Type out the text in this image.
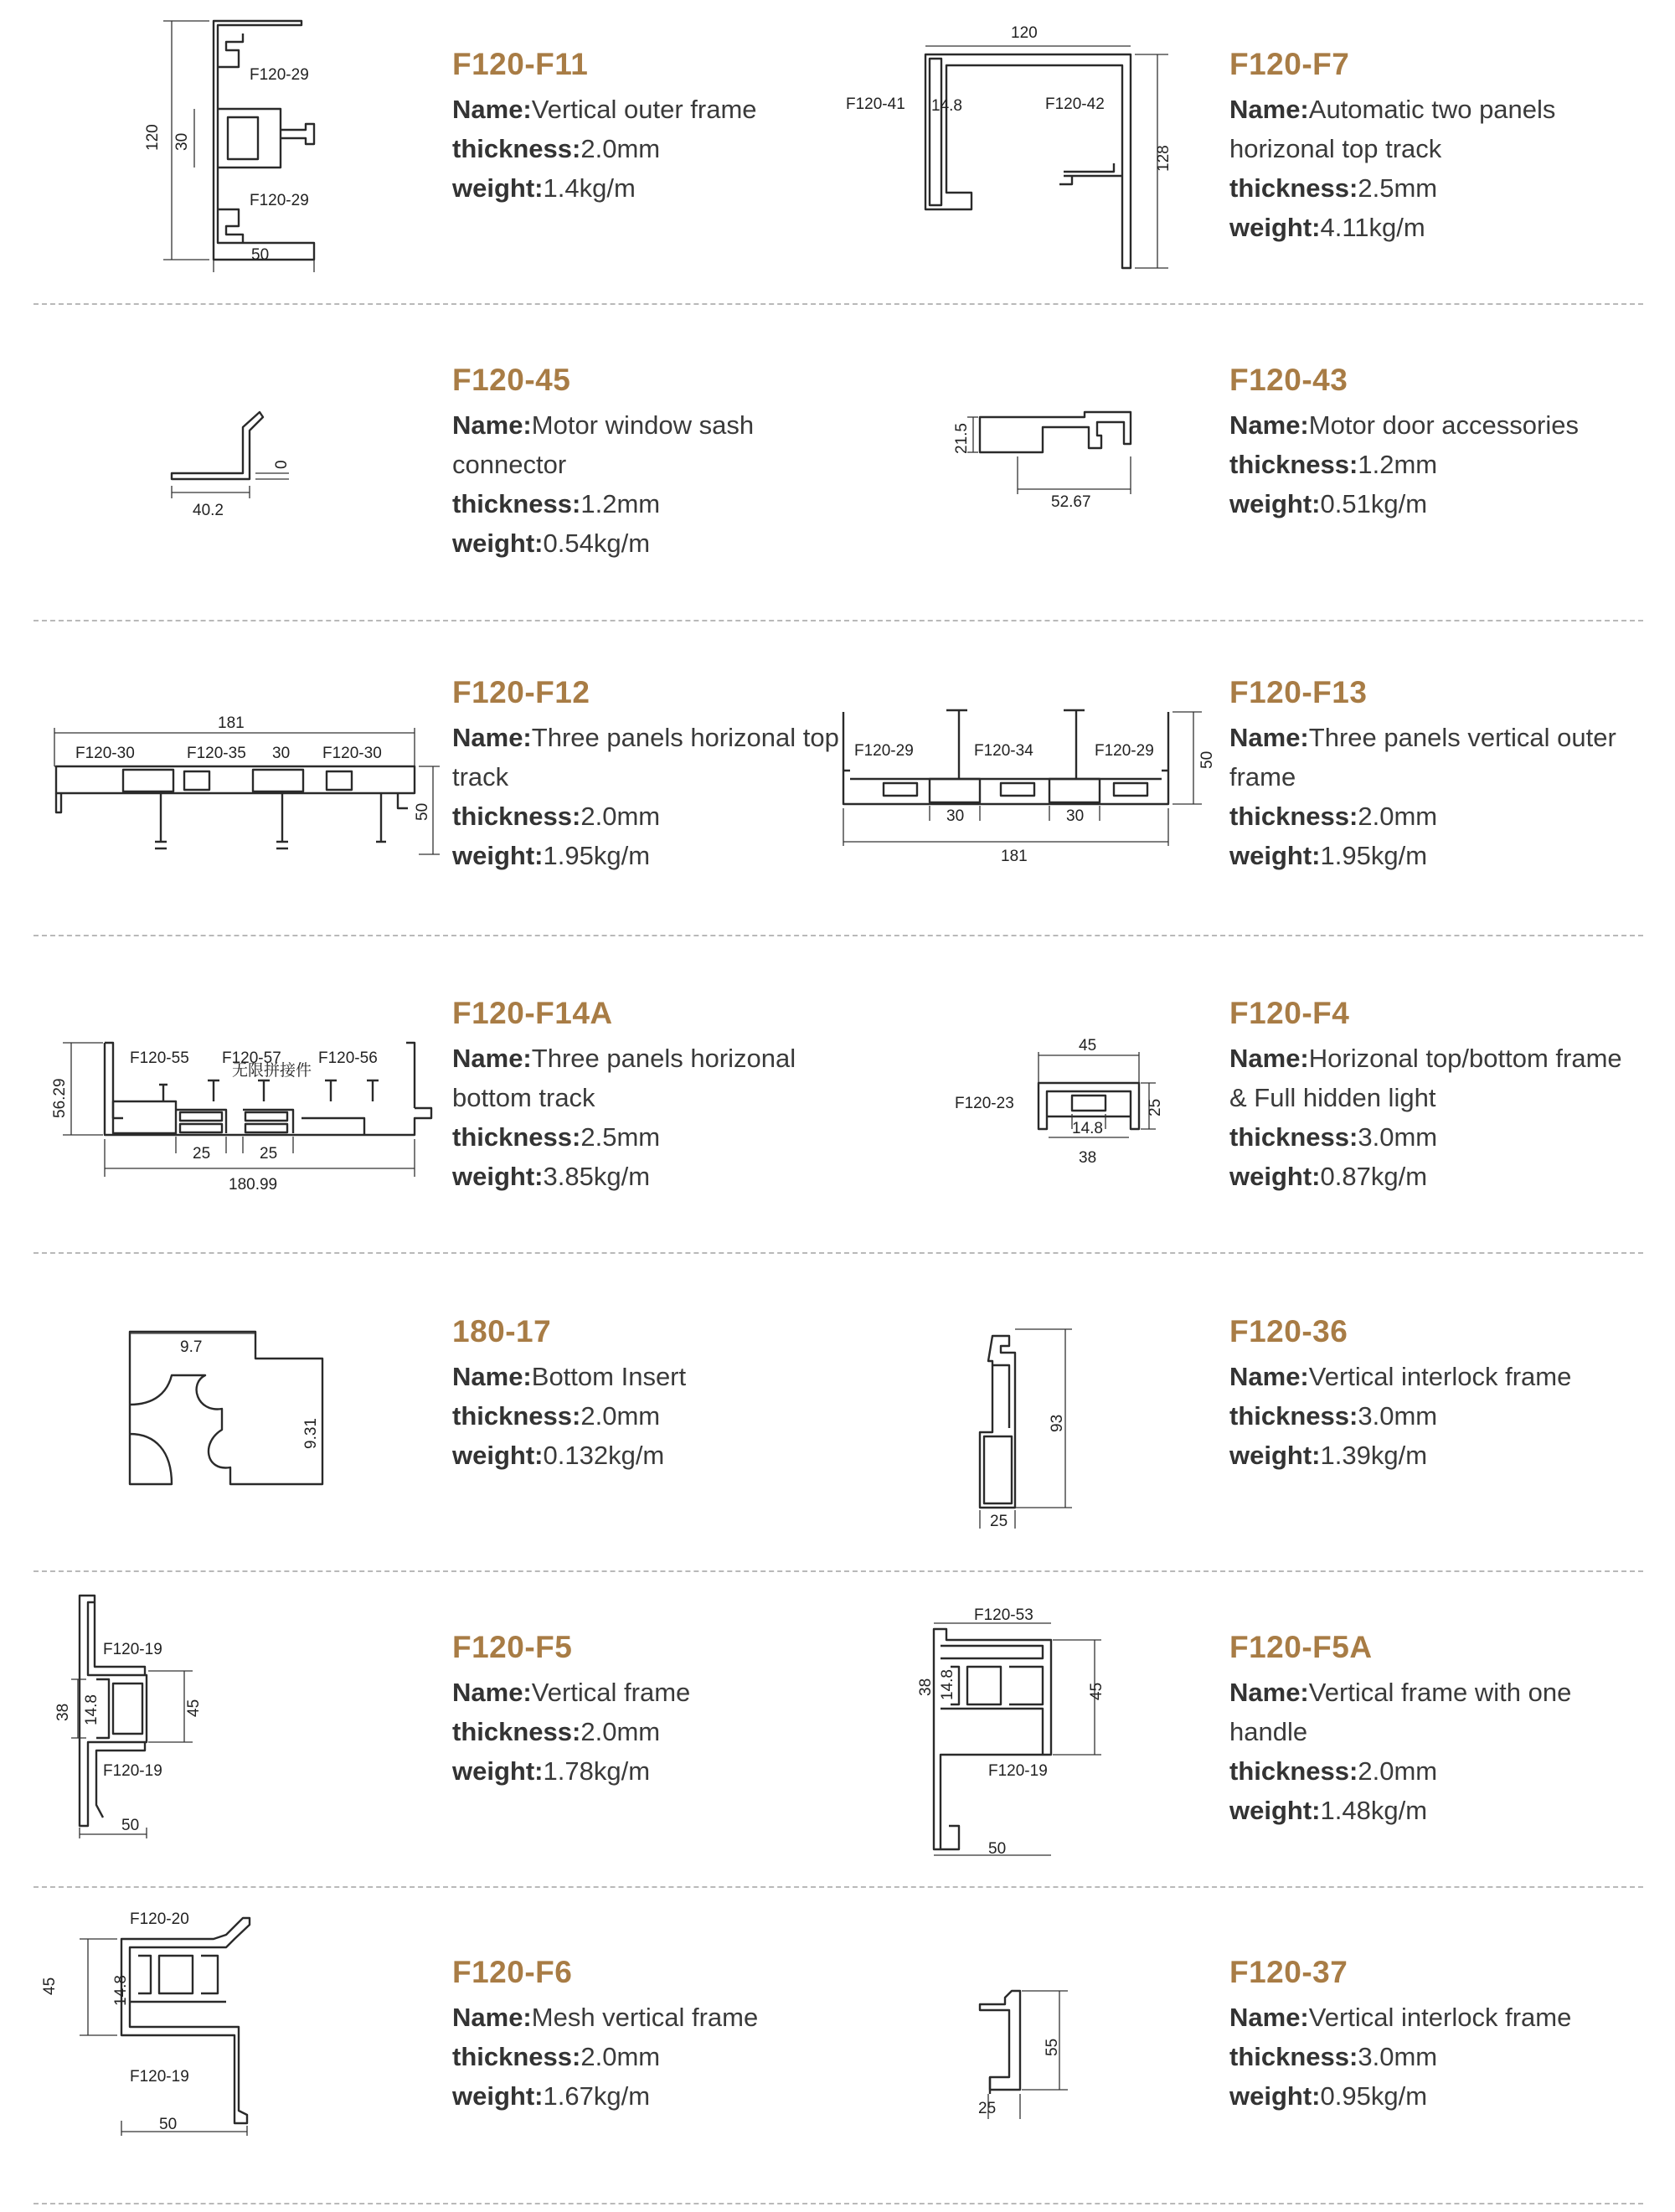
F120-29
F120-29
120 30
50
F120-F11
Name:Vertical outer frame
thickness:2.0mm
weight:1.4kg/m
120
F120-41 14.8	F120-42
128
F120-F7
Name:Automatic two panels horizonal top track
thickness:2.5mm
weight:4.11kg/m
40.2
0
F120-45
Name:Motor window sash connector
thickness:1.2mm
weight:0.54kg/m
21.5
52.67
F120-43
Name:Motor door accessories
thickness:1.2mm
weight:0.51kg/m
181
F120-30	F120-35 30 F120-30
50
F120-F12
Name:Three panels horizonal top track
thickness:2.0mm
weight:1.95kg/m
F120-29	F120-34	F120-29
50
30	30
181
F120-F13
Name:Three panels vertical outer frame
thickness:2.0mm
weight:1.95kg/m
56.29
F120-55 F120-57
无限拼接件
F120-56
25	25
180.99
F120-F14A
Name:Three panels horizonal bottom track
thickness:2.5mm
weight:3.85kg/m
45
F120-23	25
14.8
38
F120-F4
Name:Horizonal top/bottom frame & Full hidden light
thickness:3.0mm
weight:0.87kg/m
9.7
9.31
180-17
Name:Bottom Insert
thickness:2.0mm
weight:0.132kg/m
93
25
F120-36
Name:Vertical interlock frame
thickness:3.0mm
weight:1.39kg/m
F120-19
38 14.8	45
F120-19
50
F120-F5
Name:Vertical frame
thickness:2.0mm
weight:1.78kg/m
F120-53
38 14.8	45
F120-19
50
F120-F5A
Name:Vertical frame with one handle
thickness:2.0mm
weight:1.48kg/m
F120-20
45	14.8
F120-19
50
F120-F6
Name:Mesh vertical frame
thickness:2.0mm
weight:1.67kg/m
55
25
F120-37
Name:Vertical interlock frame
thickness:3.0mm
weight:0.95kg/m
